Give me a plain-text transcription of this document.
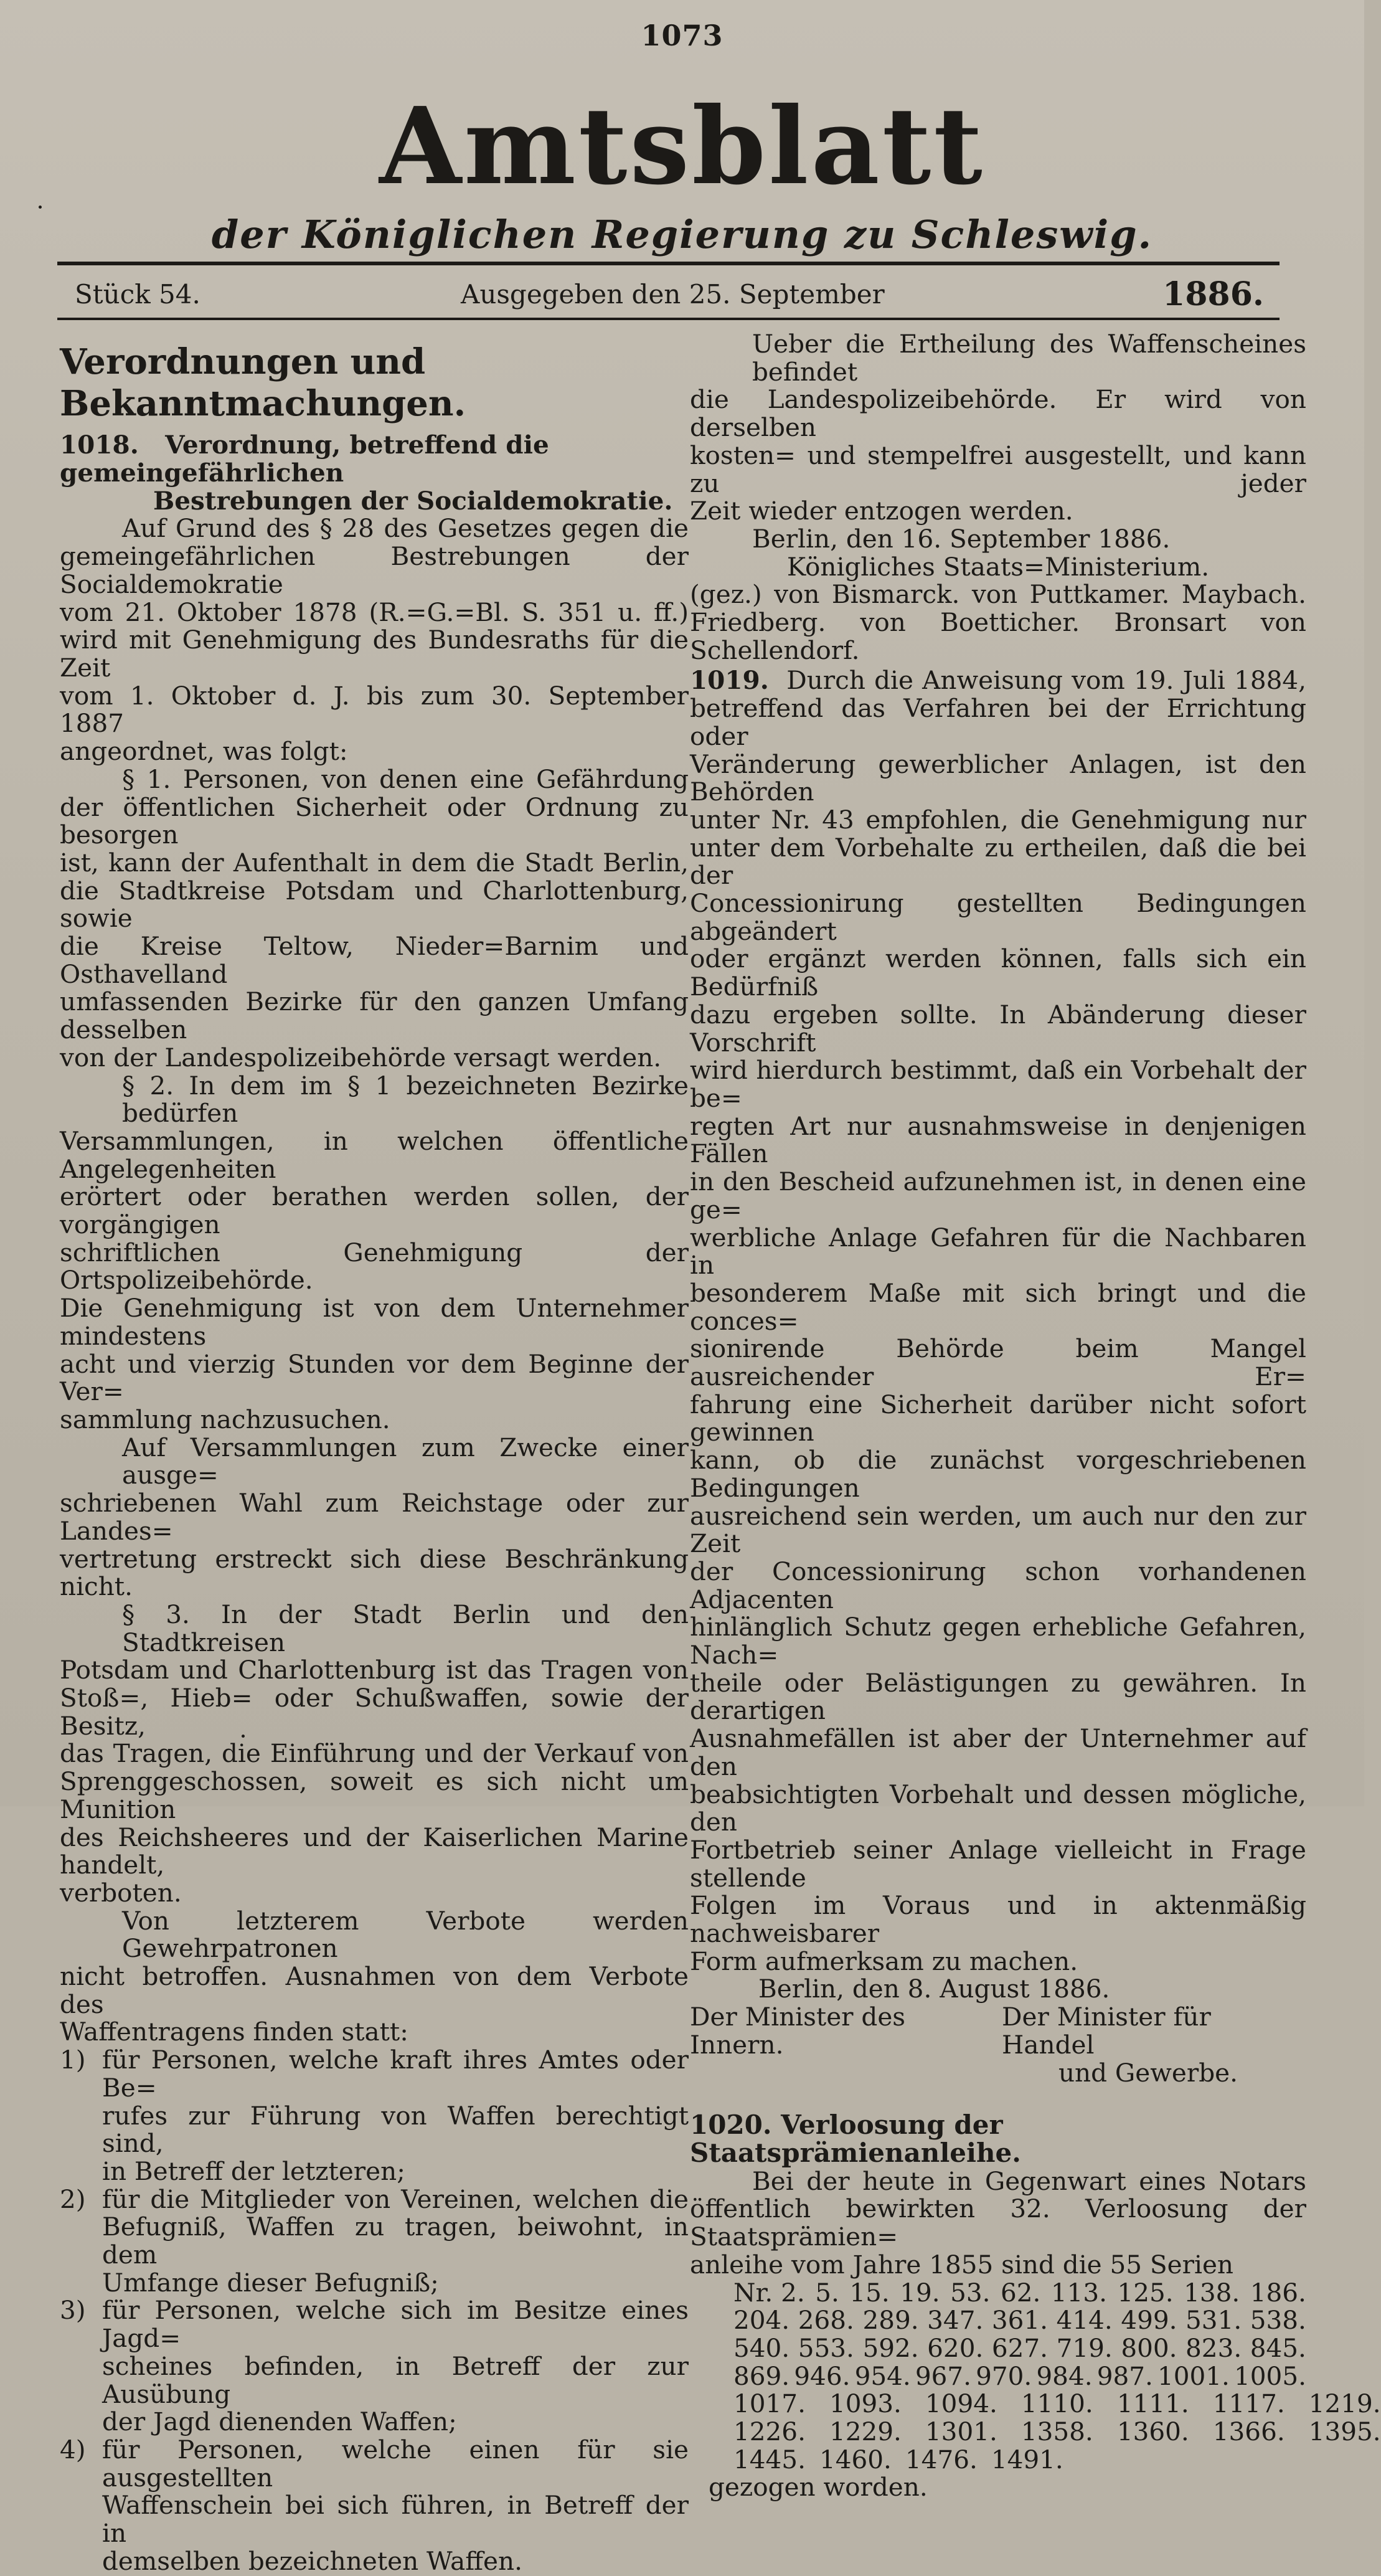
1073
Amtsblatt
der Königlichen Regierung zu Schleswig.
Stück 54.	Ausgegeben den 25. September	1886.

Verordnungen und Bekanntmachungen.

1018. Verordnung, betreffend die gemeingefährlichen

Bestrebungen der Socialdemokratie.

Auf Grund des § 28 des Gesetzes gegen die

gemeingefährlichen Bestrebungen der Socialdemokratie

vom 21. Oktober 1878 (R.=G.=Bl. S. 351 u. ff.)

wird mit Genehmigung des Bundesraths für die Zeit

vom 1. Oktober d. J. bis zum 30. September 1887

angeordnet, was folgt:

§ 1. Personen, von denen eine Gefährdung

der öffentlichen Sicherheit oder Ordnung zu besorgen

ist, kann der Aufenthalt in dem die Stadt Berlin,

die Stadtkreise Potsdam und Charlottenburg, sowie

die Kreise Teltow, Nieder=Barnim und Osthavelland

umfassenden Bezirke für den ganzen Umfang desselben

von der Landespolizeibehörde versagt werden.

§ 2. In dem im § 1 bezeichneten Bezirke bedürfen

Versammlungen, in welchen öffentliche Angelegenheiten

erörtert oder berathen werden sollen, der vorgängigen

schriftlichen Genehmigung der Ortspolizeibehörde.

Die Genehmigung ist von dem Unternehmer mindestens

acht und vierzig Stunden vor dem Beginne der Ver=

sammlung nachzusuchen.

Auf Versammlungen zum Zwecke einer ausge=

schriebenen Wahl zum Reichstage oder zur Landes=

vertretung erstreckt sich diese Beschränkung nicht.

§ 3. In der Stadt Berlin und den Stadtkreisen

Potsdam und Charlottenburg ist das Tragen von

Stoß=, Hieb= oder Schußwaffen, sowie der Besitz,

das Tragen, die Einführung und der Verkauf von

Sprenggeschossen, soweit es sich nicht um Munition

des Reichsheeres und der Kaiserlichen Marine handelt,

verboten.

Von letzterem Verbote werden Gewehrpatronen

nicht betroffen. Ausnahmen von dem Verbote des

Waffentragens finden statt:

1) für Personen, welche kraft ihres Amtes oder Be=

rufes zur Führung von Waffen berechtigt sind,

in Betreff der letzteren;

2) für die Mitglieder von Vereinen, welchen die

Befugniß, Waffen zu tragen, beiwohnt, in dem

Umfange dieser Befugniß;

3) für Personen, welche sich im Besitze eines Jagd=

scheines befinden, in Betreff der zur Ausübung

der Jagd dienenden Waffen;

4) für Personen, welche einen für sie ausgestellten

Waffenschein bei sich führen, in Betreff der in

demselben bezeichneten Waffen.

Ueber die Ertheilung des Waffenscheines befindet

die Landespolizeibehörde. Er wird von derselben

kosten= und stempelfrei ausgestellt, und kann zu jeder

Zeit wieder entzogen werden.

Berlin, den 16. September 1886.

Königliches Staats=Ministerium.

(gez.) von Bismarck. von Puttkamer. Maybach.

Friedberg. von Boetticher. Bronsart von Schellendorf.

1019. Durch die Anweisung vom 19. Juli 1884,

betreffend das Verfahren bei der Errichtung oder

Veränderung gewerblicher Anlagen, ist den Behörden

unter Nr. 43 empfohlen, die Genehmigung nur

unter dem Vorbehalte zu ertheilen, daß die bei der

Concessionirung gestellten Bedingungen abgeändert

oder ergänzt werden können, falls sich ein Bedürfniß

dazu ergeben sollte. In Abänderung dieser Vorschrift

wird hierdurch bestimmt, daß ein Vorbehalt der be=

regten Art nur ausnahmsweise in denjenigen Fällen

in den Bescheid aufzunehmen ist, in denen eine ge=

werbliche Anlage Gefahren für die Nachbaren in

besonderem Maße mit sich bringt und die conces=

sionirende Behörde beim Mangel ausreichender Er=

fahrung eine Sicherheit darüber nicht sofort gewinnen

kann, ob die zunächst vorgeschriebenen Bedingungen

ausreichend sein werden, um auch nur den zur Zeit

der Concessionirung schon vorhandenen Adjacenten

hinlänglich Schutz gegen erhebliche Gefahren, Nach=

theile oder Belästigungen zu gewähren. In derartigen

Ausnahmefällen ist aber der Unternehmer auf den

beabsichtigten Vorbehalt und dessen mögliche, den

Fortbetrieb seiner Anlage vielleicht in Frage stellende

Folgen im Voraus und in aktenmäßig nachweisbarer

Form aufmerksam zu machen.

Berlin, den 8. August 1886.

Der Minister des Innern.
Der Minister für Handel

und Gewerbe.

1020. Verloosung der Staatsprämienanleihe.

Bei der heute in Gegenwart eines Notars

öffentlich bewirkten 32. Verloosung der Staatsprämien=

anleihe vom Jahre 1855 sind die 55 Serien

Nr. 2. 5. 15. 19. 53. 62. 113. 125. 138. 186.
204. 268. 289. 347. 361. 414. 499. 531. 538.
540. 553. 592. 620. 627. 719. 800. 823. 845.
869. 946. 954. 967. 970. 984. 987. 1001. 1005.
1017. 1093. 1094. 1110. 1111. 1117. 1219.
1226. 1229. 1301. 1358. 1360. 1366. 1395.
1445. 1460. 1476. 1491.

gezogen worden.
